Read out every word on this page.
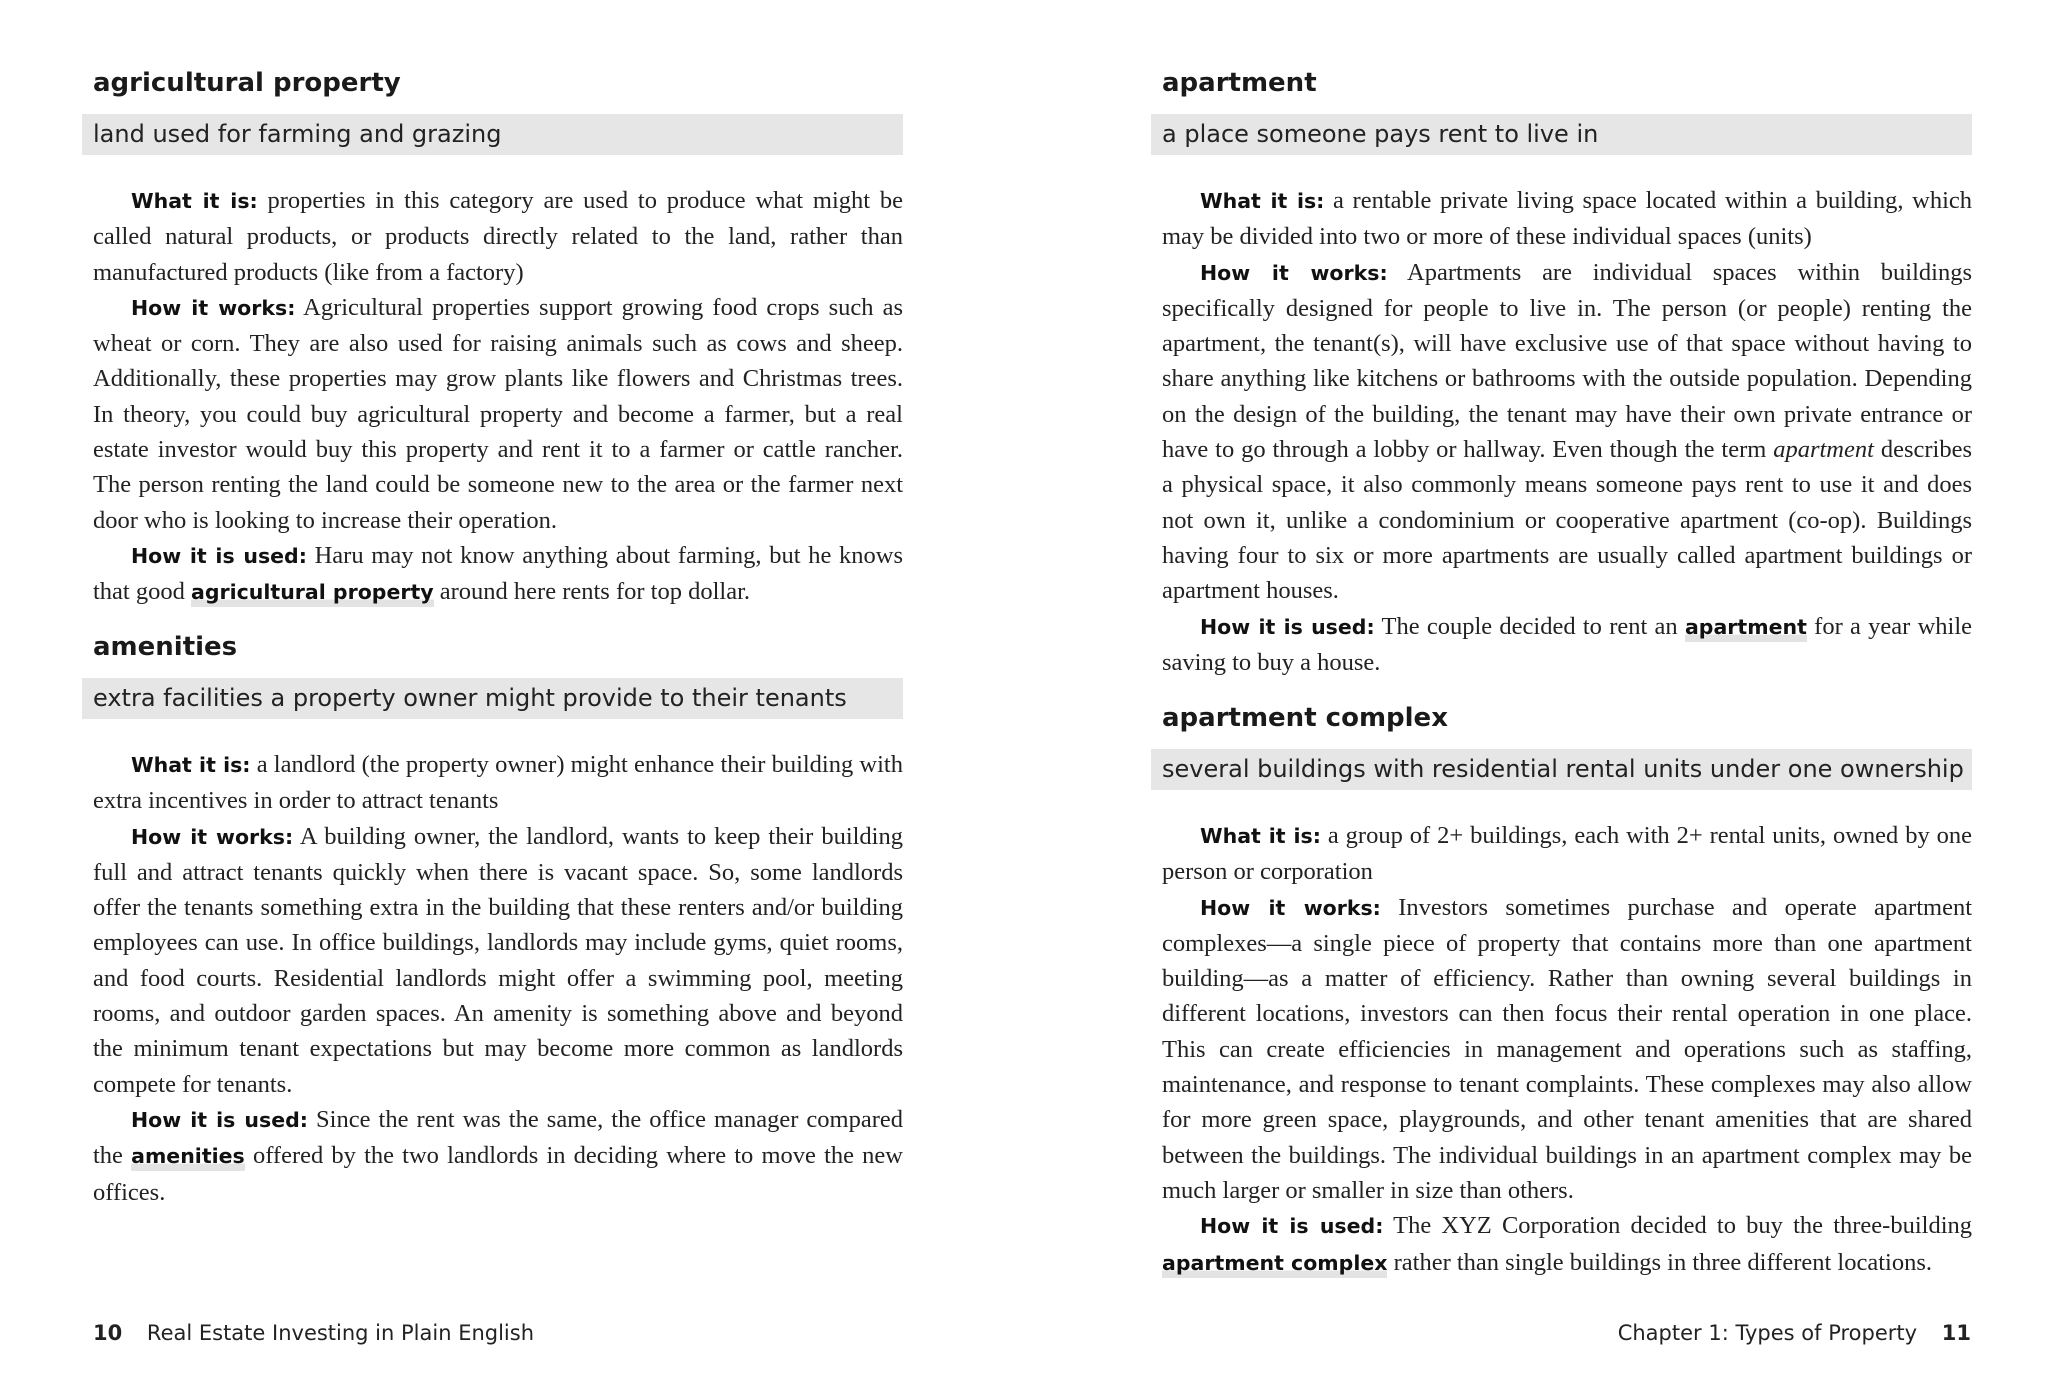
agricultural property
land used for farming and grazing

What it is: properties in this category are used to produce what might be called natural products, or products directly related to the land, rather than manufactured products (like from a factory)

How it works: Agricultural properties support growing food crops such as wheat or corn. They are also used for raising animals such as cows and sheep. Additionally, these properties may grow plants like flowers and Christmas trees. In theory, you could buy agricultural property and become a farmer, but a real estate investor would buy this property and rent it to a farmer or cattle rancher. The person renting the land could be someone new to the area or the farmer next door who is looking to increase their operation.

How it is used: Haru may not know anything about farming, but he knows that good agricultural property around here rents for top dollar.

amenities
extra facilities a property owner might provide to their tenants

What it is: a landlord (the property owner) might enhance their building with extra incentives in order to attract tenants

How it works: A building owner, the landlord, wants to keep their building full and attract tenants quickly when there is vacant space. So, some landlords offer the tenants something extra in the building that these renters and/or building employees can use. In office buildings, landlords may include gyms, quiet rooms, and food courts. Residential landlords might offer a swimming pool, meeting rooms, and outdoor garden spaces. An amenity is something above and beyond the minimum tenant expectations but may become more common as landlords compete for tenants.

How it is used: Since the rent was the same, the office manager compared the amenities offered by the two landlords in deciding where to move the new offices.

10 Real Estate Investing in Plain English
apartment
a place someone pays rent to live in

What it is: a rentable private living space located within a building, which may be divided into two or more of these individual spaces (units)

How it works: Apartments are individual spaces within buildings specifically designed for people to live in. The person (or people) renting the apartment, the tenant(s), will have exclusive use of that space without having to share anything like kitchens or bathrooms with the outside population. Depending on the design of the building, the tenant may have their own private entrance or have to go through a lobby or hallway. Even though the term apartment describes a physical space, it also commonly means someone pays rent to use it and does not own it, unlike a condominium or cooperative apartment (co-op). Buildings having four to six or more apartments are usually called apartment buildings or apartment houses.

How it is used: The couple decided to rent an apartment for a year while saving to buy a house.

apartment complex
several buildings with residential rental units under one ownership

What it is: a group of 2+ buildings, each with 2+ rental units, owned by one person or corporation

How it works: Investors sometimes purchase and operate apartment complexes—a single piece of property that contains more than one apartment building—as a matter of efficiency. Rather than owning several buildings in different locations, investors can then focus their rental operation in one place. This can create efficiencies in management and operations such as staffing, maintenance, and response to tenant complaints. These complexes may also allow for more green space, playgrounds, and other tenant amenities that are shared between the buildings. The individual buildings in an apartment complex may be much larger or smaller in size than others.

How it is used: The XYZ Corporation decided to buy the three-building apartment complex rather than single buildings in three different locations.

Chapter 1: Types of Property 11
